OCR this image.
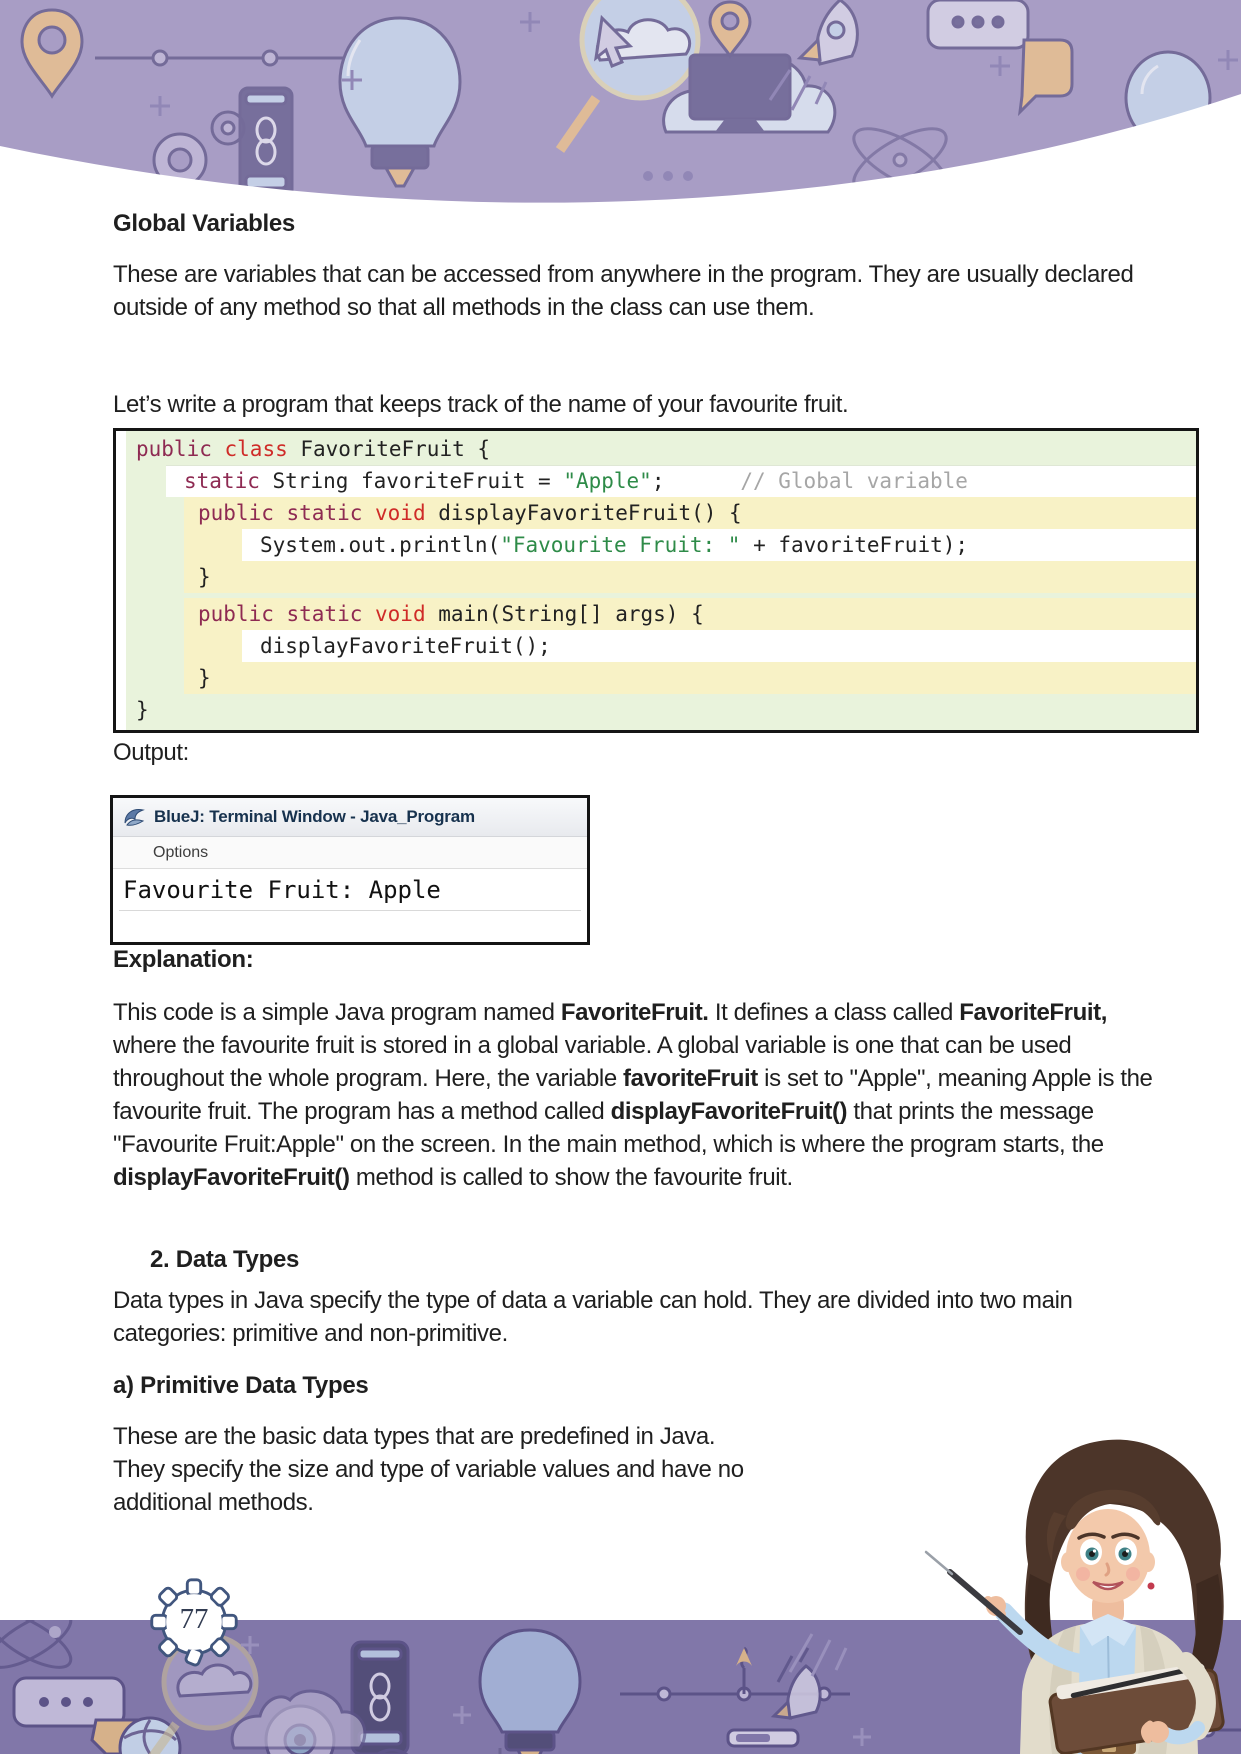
Global Variables
These are variables that can be accessed from anywhere in the program. They are usually declared outside of any method so that all methods in the class can use them.
Let’s write a program that keeps track of the name of your favourite fruit.
public class FavoriteFruit {
static String favoriteFruit = "Apple";      // Global variable
public static void displayFavoriteFruit() {
System.out.println("Favourite Fruit: " + favoriteFruit);
}
public static void main(String[] args) {
displayFavoriteFruit();
}
}
Output:
BlueJ: Terminal Window - Java_Program
Options
Favourite Fruit: Apple
Explanation:
This code is a simple Java program named FavoriteFruit. It defines a class called FavoriteFruit, where the favourite fruit is stored in a global variable. A global variable is one that can be used throughout the whole program. Here, the variable favoriteFruit is set to "Apple", meaning Apple is the favourite fruit. The program has a method called displayFavoriteFruit() that prints the message "Favourite Fruit:Apple" on the screen. In the main method, which is where the program starts, the displayFavoriteFruit() method is called to show the favourite fruit.
2. Data Types
Data types in Java specify the type of data a variable can hold. They are divided into two main categories: primitive and non-primitive.
a) Primitive Data Types
These are the basic data types that are predefined in Java.
They specify the size and type of variable values and have no
additional methods.
77
